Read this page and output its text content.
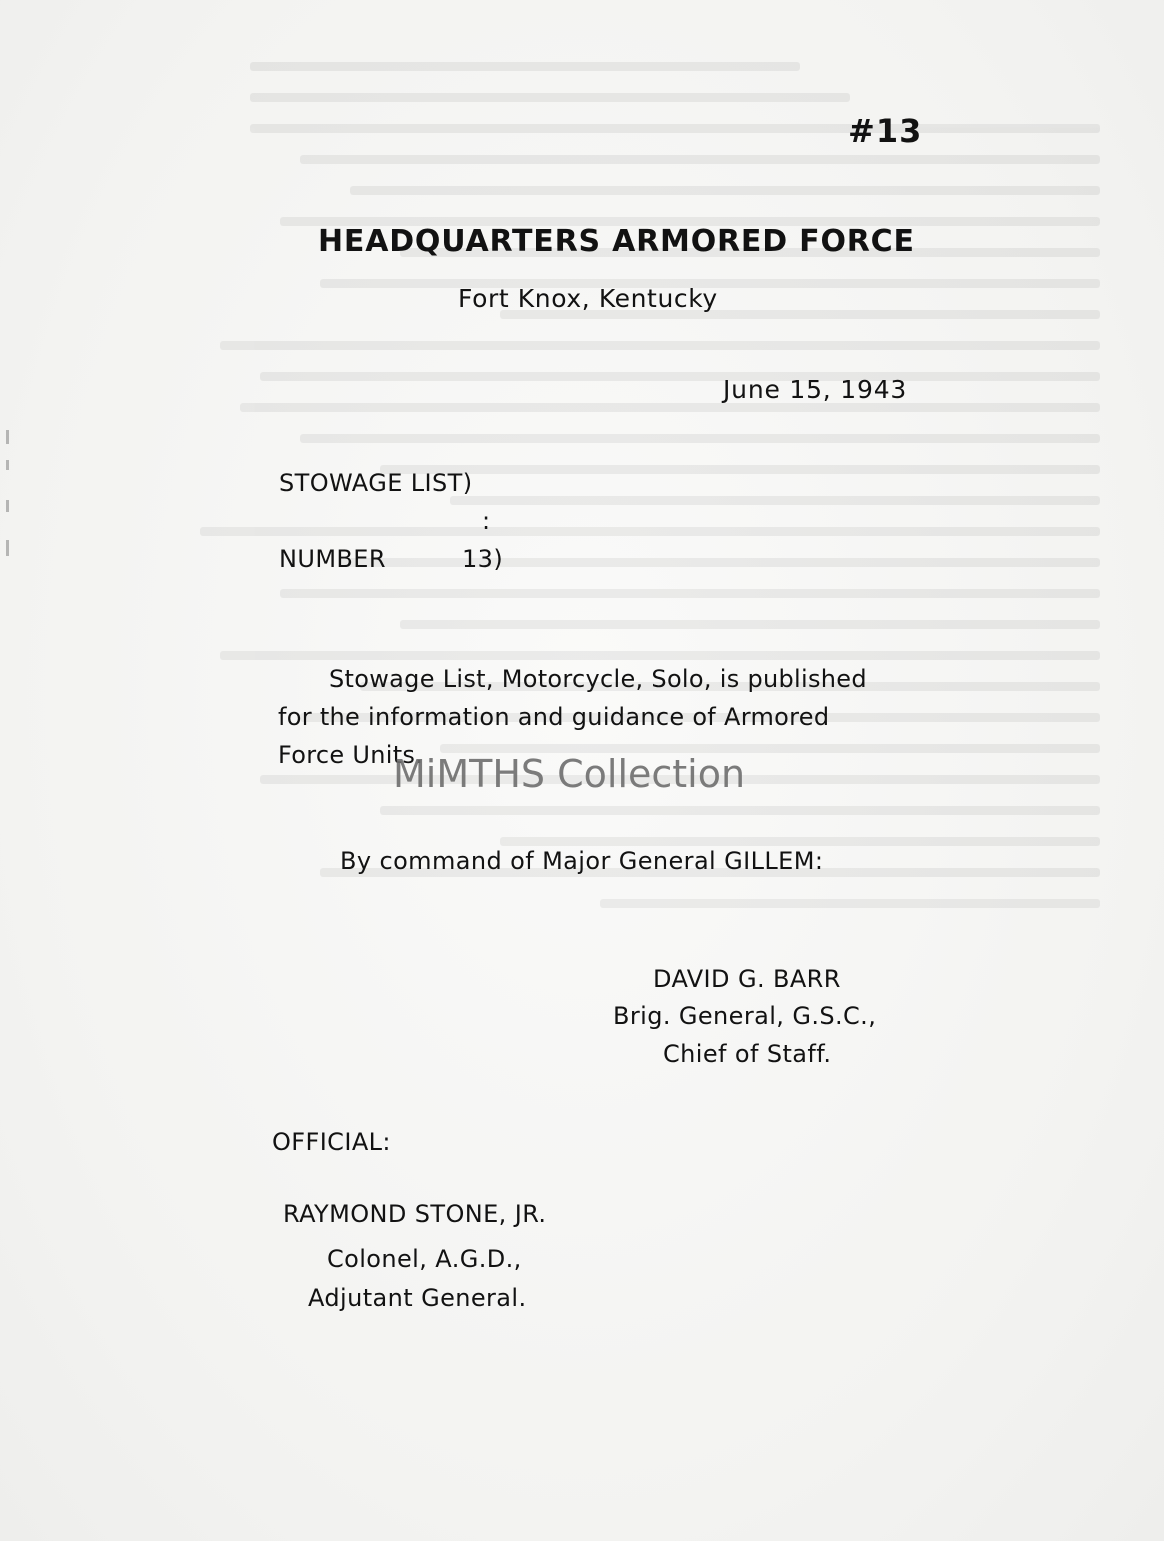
#13
HEADQUARTERS ARMORED FORCE
Fort Knox, Kentucky
June 15, 1943
STOWAGE LIST)
:
NUMBER	13)
Stowage List, Motorcycle, Solo, is published
for the information and guidance of Armored
Force Units.
By command of Major General GILLEM:
DAVID G. BARR
Brig. General, G.S.C.,
Chief of Staff.
OFFICIAL:
RAYMOND STONE, JR.
Colonel, A.G.D.,
Adjutant General.
MiMTHS Collection
